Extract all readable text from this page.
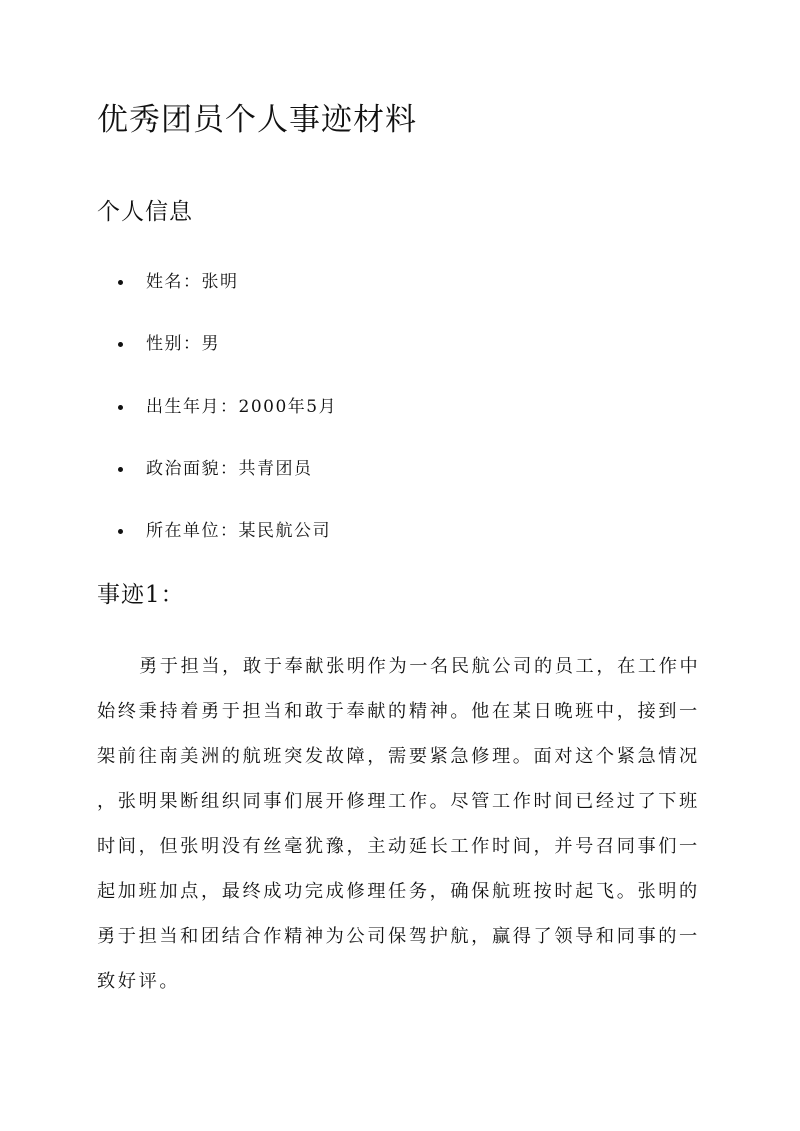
优秀团员个人事迹材料
个人信息
姓名：张明
性别：男
出生年月：2000年5月
政治面貌：共青团员
所在单位：某民航公司
事迹1：
勇于担当，敢于奉献张明作为一名民航公司的员工，在工作中
始终秉持着勇于担当和敢于奉献的精神。他在某日晚班中，接到一
架前往南美洲的航班突发故障，需要紧急修理。面对这个紧急情况
，张明果断组织同事们展开修理工作。尽管工作时间已经过了下班
时间，但张明没有丝毫犹豫，主动延长工作时间，并号召同事们一
起加班加点，最终成功完成修理任务，确保航班按时起飞。张明的
勇于担当和团结合作精神为公司保驾护航，赢得了领导和同事的一
致好评。
